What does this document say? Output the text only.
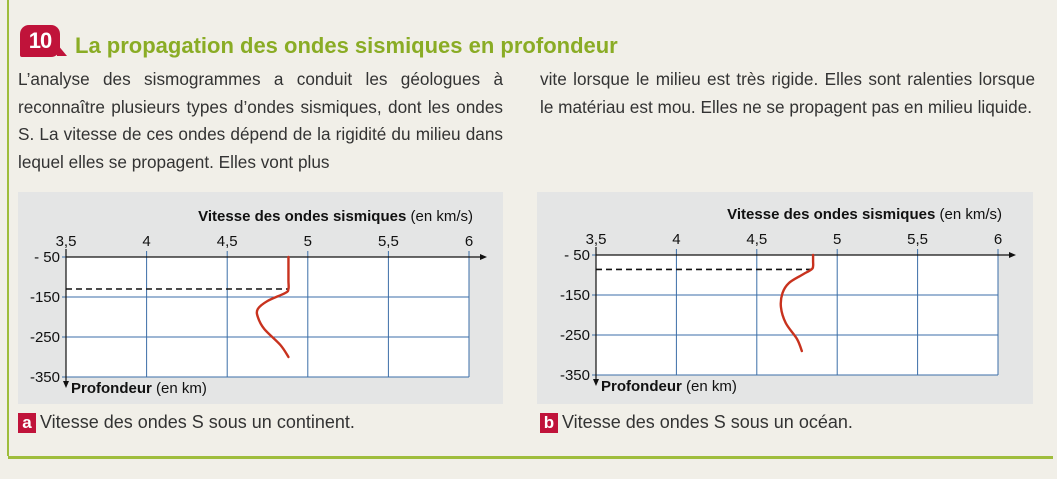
10	La propagation des ondes sismiques en profondeur

L’analyse des sismogrammes a conduit les géologues à reconnaître plusieurs types d’ondes sismiques, dont les ondes S. La vitesse de ces ondes dépend de la rigidité du milieu dans lequel elles se propagent. Elles vont plus

vite lorsque le milieu est très rigide. Elles sont ralenties lorsque le matériau est mou. Elles ne se propagent pas en milieu liquide.

3,5	4	4,5	5	5,5	6
- 50
-150
-250
-350
Vitesse des ondes sismiques (en km/s)
Profondeur (en km)
a Vitesse des ondes S sous un continent.
3,5	4	4,5	5	5,5	6
- 50
-150
-250
-350
Vitesse des ondes sismiques (en km/s)
Profondeur (en km)
b Vitesse des ondes S sous un océan.
